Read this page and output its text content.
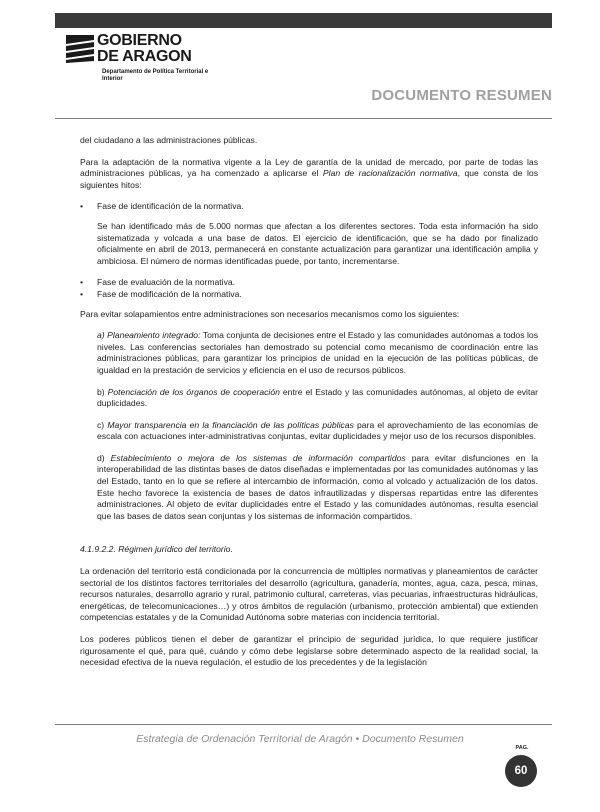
GOBIERNO
DE ARAGON
Departamento de Política Territorial e Interior
DOCUMENTO RESUMEN

del ciudadano a las administraciones públicas.

Para la adaptación de la normativa vigente a la Ley de garantía de la unidad de mercado, por parte de todas las administraciones públicas, ya ha comenzado a aplicarse el Plan de racionalización normativa, que consta de los siguientes hitos:

• Fase de identificación de la normativa.

Se han identificado más de 5.000 normas que afectan a los diferentes sectores. Toda esta información ha sido sistematizada y volcada a una base de datos. El ejercicio de identificación, que se ha dado por finalizado oficialmente en abril de 2013, permanecerá en constante actualización para garantizar una identificación amplia y ambiciosa. El número de normas identificadas puede, por tanto, incrementarse.

• Fase de evaluación de la normativa.
• Fase de modificación de la normativa.

Para evitar solapamientos entre administraciones son necesarios mecanismos como los siguientes:

a) Planeamiento integrado: Toma conjunta de decisiones entre el Estado y las comunidades autónomas a todos los niveles. Las conferencias sectoriales han demostrado su potencial como mecanismo de coordinación entre las administraciones públicas, para garantizar los principios de unidad en la ejecución de las políticas públicas, de igualdad en la prestación de servicios y eficiencia en el uso de recursos públicos.

b) Potenciación de los órganos de cooperación entre el Estado y las comunidades autónomas, al objeto de evitar duplicidades.

c) Mayor transparencia en la financiación de las políticas públicas para el aprovechamiento de las economías de escala con actuaciones inter-administrativas conjuntas, evitar duplicidades y mejor uso de los recursos disponibles.

d) Establecimiento o mejora de los sistemas de información compartidos para evitar disfunciones en la interoperabilidad de las distintas bases de datos diseñadas e implementadas por las comunidades autónomas y las del Estado, tanto en lo que se refiere al intercambio de información, como al volcado y actualización de los datos. Este hecho favorece la existencia de bases de datos infrautilizadas y dispersas repartidas entre las diferentes administraciones. Al objeto de evitar duplicidades entre el Estado y las comunidades autónomas, resulta esencial que las bases de datos sean conjuntas y los sistemas de información compartidos.

4.1.9.2.2. Régimen jurídico del territorio.

La ordenación del territorio está condicionada por la concurrencia de múltiples normativas y planeamientos de carácter sectorial de los distintos factores territoriales del desarrollo (agricultura, ganadería, montes, agua, caza, pesca, minas, recursos naturales, desarrollo agrario y rural, patrimonio cultural, carreteras, vías pecuarias, infraestructuras hidráulicas, energéticas, de telecomunicaciones…) y otros ámbitos de regulación (urbanismo, protección ambiental) que extienden competencias estatales y de la Comunidad Autónoma sobre materias con incidencia territorial.

Los poderes públicos tienen el deber de garantizar el principio de seguridad jurídica, lo que requiere justificar rigurosamente el qué, para qué, cuándo y cómo debe legislarse sobre determinado aspecto de la realidad social, la necesidad efectiva de la nueva regulación, el estudio de los precedentes y de la legislación

Estrategia de Ordenación Territorial de Aragón • Documento Resumen
PAG.
60
